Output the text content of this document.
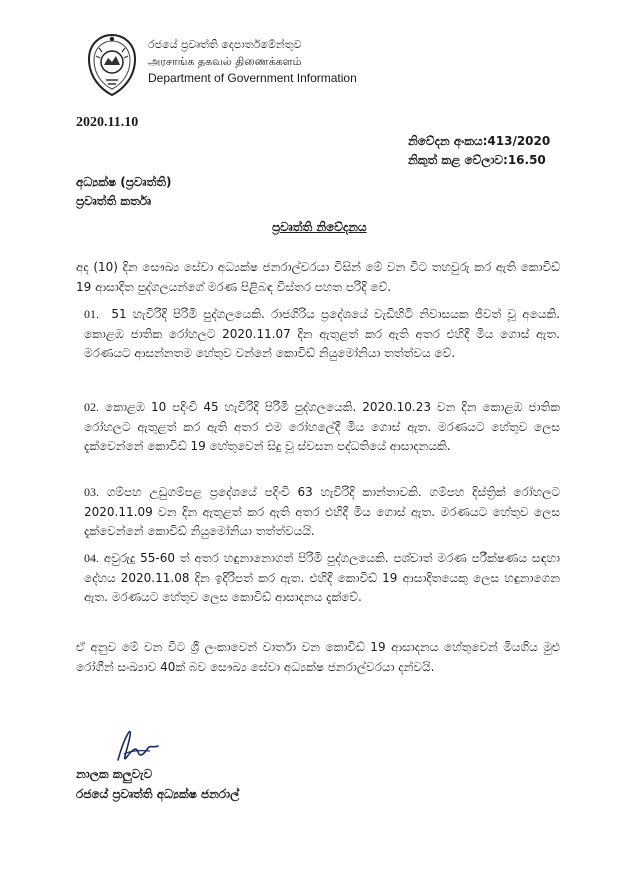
රජයේ ප්‍රවෘත්ති දෙපාර්තමේන්තුව
அரசாங்க தகவல் திணைக்களம்
Department of Government Information
2020.11.10
නිවේදන අංකය:413/2020
නිකුත් කළ වේලාව:16.50
අධ්‍යක්ෂ (ප්‍රවෘත්ති)
ප්‍රවෘත්ති කර්තෘ
ප්‍රවෘත්ති නිවේදනය
අද (10) දින සෞඛ්‍ය සේවා අධ්‍යක්ෂ ජනරාල්වරයා විසින් මේ වන විට තහවුරු කර ඇති කොවිඩ් 19 ආසාදිත පුද්ගලයන්ගේ මරණ පිළිබඳ විස්තර පහත පරිදි වේ.
01. 51 හැවිරිදි පිරිමි පුද්ගලයෙකි. රාජගිරිය ප්‍රදේශයේ වැඩිහිටි නිවාසයක ජීවත් වූ අයෙකි. කොළඹ ජාතික රෝහලට 2020.11.07 දින ඇතුළත් කර ඇති අතර එහිදී මිය ගොස් ඇත. මරණයට ආසන්නතම හේතුව වන්නේ කොවිඩ් නියුමෝනියා තත්ත්වය වේ.
02. කොළඹ 10 පදිංචි 45 හැවිරිදි පිරිමි පුද්ගලයෙකි. 2020.10.23 වන දින කොළඹ ජාතික රෝහලට ඇතුළත් කර ඇති අතර එම රෝහලේදී මිය ගොස් ඇත. මරණයට හේතුව ලෙස දැක්වෙන්නේ කොවිඩ් 19 හේතුවෙන් සිදු වූ ස්වසන පද්ධතියේ ආසාදනයකි.
03. ගම්පහ උඩුගම්පළ ප්‍රදේශයේ පදිංචි 63 හැවිරිදි කාන්තාවකි. ගම්පහ දිස්ත්‍රික් රෝහලට 2020.11.09 වන දින ඇතුළත් කර ඇති අතර එහිදී මිය ගොස් ඇත. මරණයට හේතුව ලෙස දැක්වෙන්නේ කොවිඩ් නියුමෝනියා තත්ත්වයයි.
04. අවුරුදු 55-60 ත් අතර හඳුනානොගත් පිරිමි පුද්ගලයෙකි. පශ්චාත් මරණ පරීක්ෂණය සඳහා දේහය 2020.11.08 දින ඉදිරිපත් කර ඇත. එහිදී කොවිඩ් 19 ආසාදිතයෙකු ලෙස හඳුනාගෙන ඇත. මරණයට හේතුව ලෙස කොවිඩ් ආසාදනය දැක්වේ.
ඒ අනුව මේ වන විට ශ්‍රී ලංකාවෙන් වාර්තා වන කොවිඩ් 19 ආසාදනය හේතුවෙන් මියගිය මුළු රෝගීන් සංඛ්‍යාව 40ක් බව සෞඛ්‍ය සේවා අධ්‍යක්ෂ ජනරාල්වරයා දන්වයි.
නාලක කලුවැව
රජයේ ප්‍රවෘත්ති අධ්‍යක්ෂ ජනරාල්
